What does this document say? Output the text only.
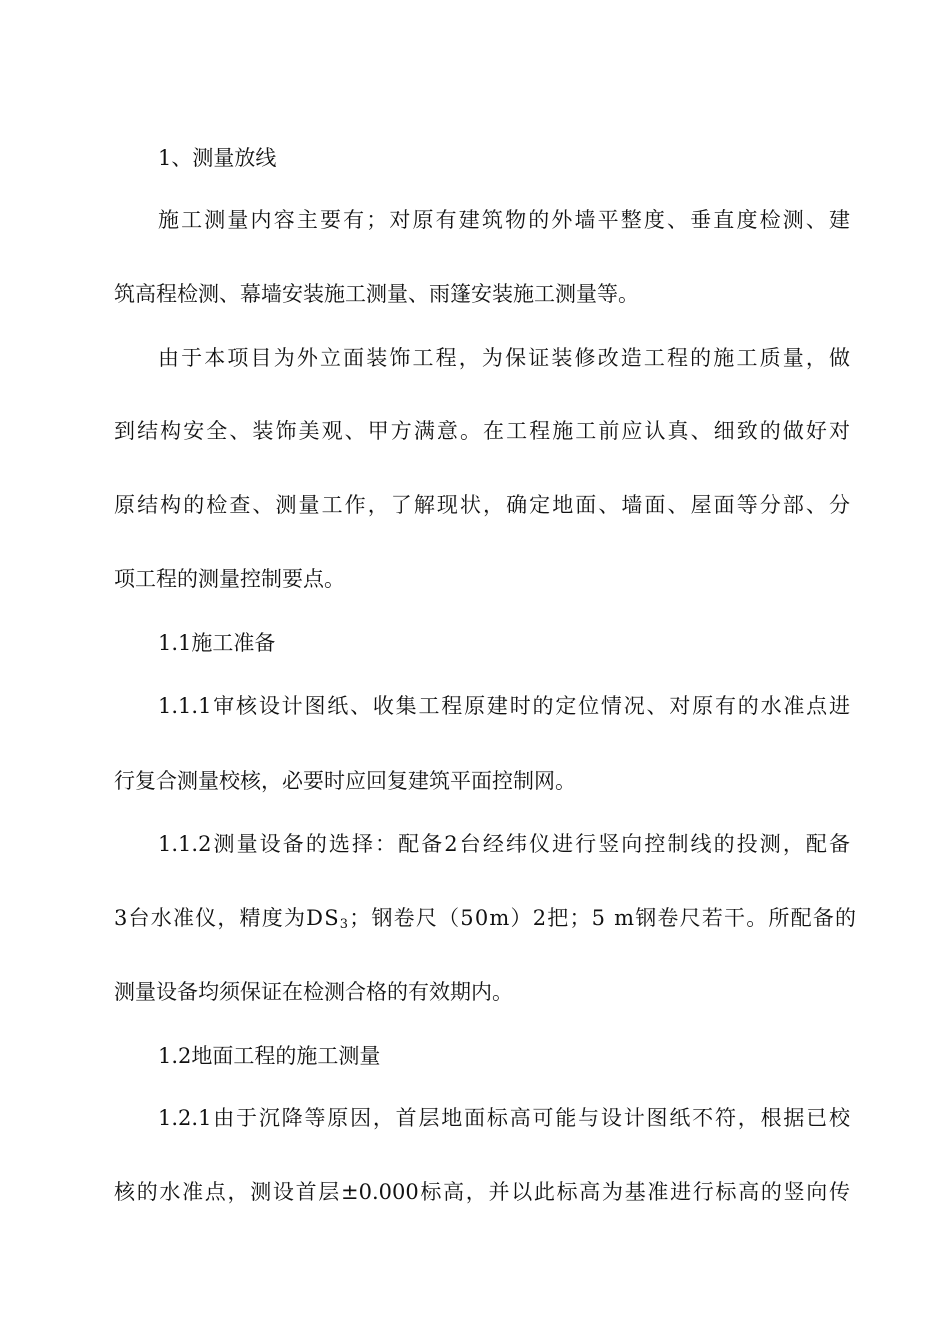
1、测量放线
施工测量内容主要有；对原有建筑物的外墙平整度、垂直度检测、建
筑高程检测、幕墙安装施工测量、雨篷安装施工测量等。
由于本项目为外立面装饰工程，为保证装修改造工程的施工质量，做
到结构安全、装饰美观、甲方满意。在工程施工前应认真、细致的做好对
原结构的检查、测量工作，了解现状，确定地面、墙面、屋面等分部、分
项工程的测量控制要点。
1.1施工准备
1.1.1审核设计图纸、收集工程原建时的定位情况、对原有的水准点进
行复合测量校核，必要时应回复建筑平面控制网。
1.1.2测量设备的选择：配备2台经纬仪进行竖向控制线的投测，配备
3台水准仪，精度为$DS_3$；钢卷尺（50m）2把；5 m钢卷尺若干。所配备的
测量设备均须保证在检测合格的有效期内。
1.2地面工程的施工测量
1.2.1由于沉降等原因，首层地面标高可能与设计图纸不符，根据已校
核的水准点，测设首层±0.000标高，并以此标高为基准进行标高的竖向传
